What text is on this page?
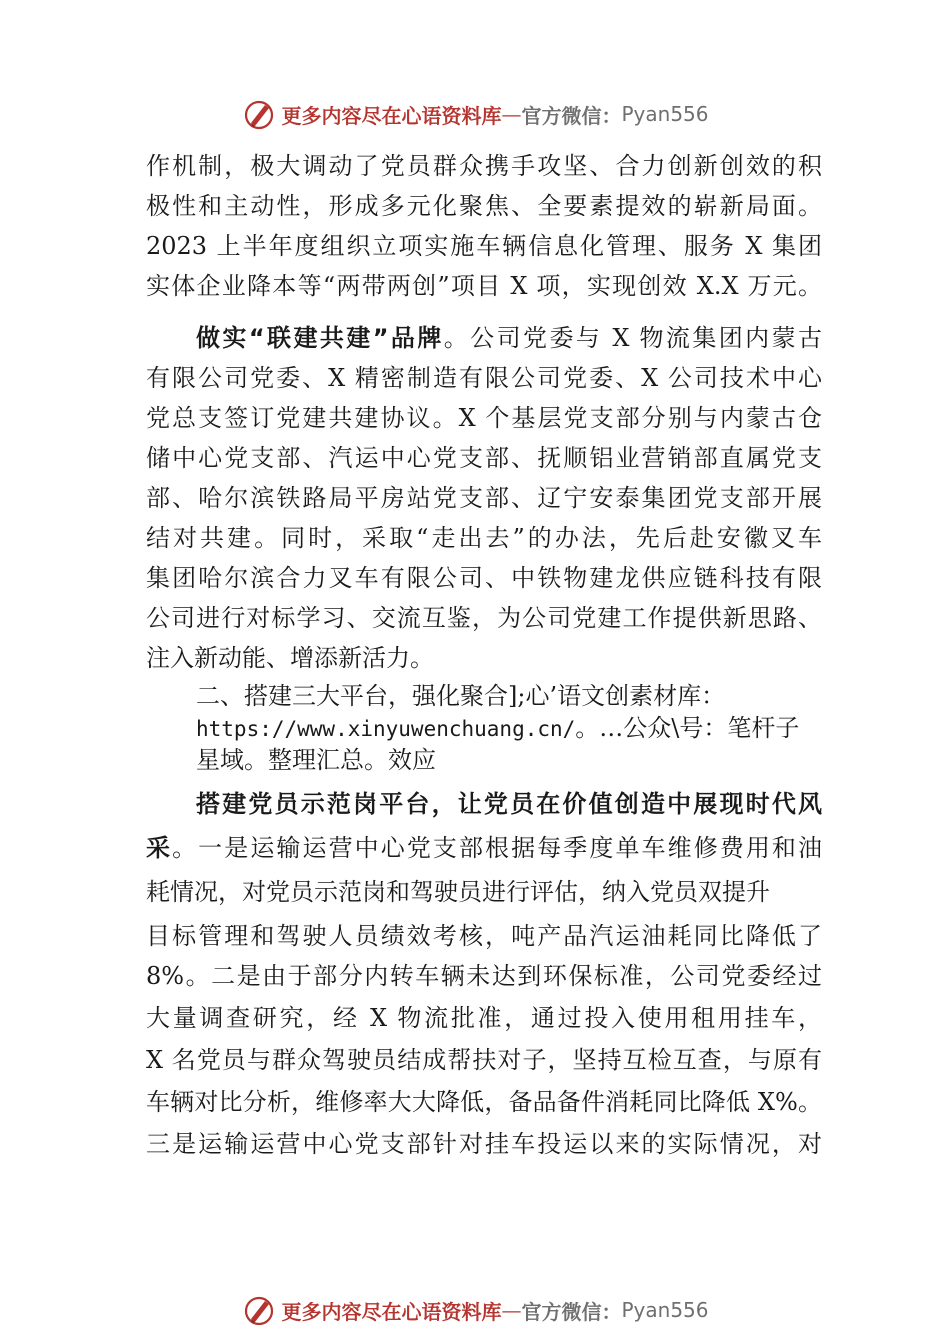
更多内容尽在心语资料库 — 官方微信： Pyan556
作机制，极大调动了党员群众携手攻坚、合力创新创效的积
极性和主动性，形成多元化聚焦、全要素提效的崭新局面。
2023 上半年度组织立项实施车辆信息化管理、服务 X 集团
实体企业降本等“两带两创”项目 X 项，实现创效 X.X 万元。
做实“联建共建”品牌。公司党委与 X 物流集团内蒙古
有限公司党委、X 精密制造有限公司党委、X 公司技术中心
党总支签订党建共建协议。X 个基层党支部分别与内蒙古仓
储中心党支部、汽运中心党支部、抚顺铝业营销部直属党支
部、哈尔滨铁路局平房站党支部、辽宁安泰集团党支部开展
结对共建。同时，采取“走出去”的办法，先后赴安徽叉车
集团哈尔滨合力叉车有限公司、中铁物建龙供应链科技有限
公司进行对标学习、交流互鉴，为公司党建工作提供新思路、
注入新动能、增添新活力。
二、搭建三大平台，强化聚合];心’语文创素材库：
https://www.xinyuwenchuang.cn/。…公众\号：笔杆子
星域。整理汇总。效应
搭建党员示范岗平台，让党员在价值创造中展现时代风
采。一是运输运营中心党支部根据每季度单车维修费用和油
耗情况，对党员示范岗和驾驶员进行评估，纳入党员双提升
目标管理和驾驶人员绩效考核，吨产品汽运油耗同比降低了
8%。二是由于部分内转车辆未达到环保标准，公司党委经过
大量调查研究，经 X 物流批准，通过投入使用租用挂车，
X 名党员与群众驾驶员结成帮扶对子，坚持互检互查，与原有
车辆对比分析，维修率大大降低，备品备件消耗同比降低 X%。
三是运输运营中心党支部针对挂车投运以来的实际情况，对
更多内容尽在心语资料库 — 官方微信： Pyan556
